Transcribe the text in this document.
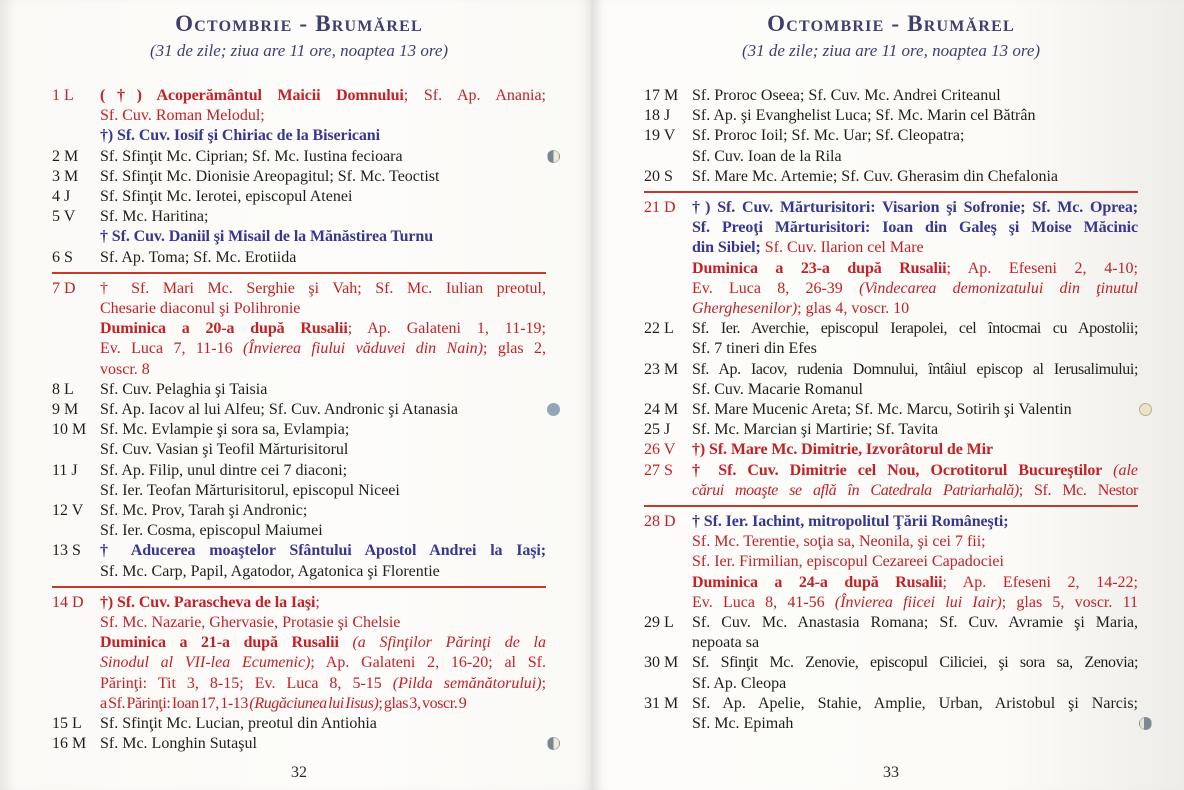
Octombrie - Brumărel
(31 de zile; ziua are 11 ore, noaptea 13 ore)
1 L	(†) Acoperământul Maicii Domnului; Sf. Ap. Anania;
Sf. Cuv. Roman Melodul;
†) Sf. Cuv. Iosif şi Chiriac de la Bisericani
2 M	Sf. Sfinţit Mc. Ciprian; Sf. Mc. Iustina fecioara
3 M	Sf. Sfinţit Mc. Dionisie Areopagitul; Sf. Mc. Teoctist
4 J	Sf. Sfinţit Mc. Ierotei, episcopul Atenei
5 V	Sf. Mc. Haritina;
† Sf. Cuv. Daniil şi Misail de la Mănăstirea Turnu
6 S	Sf. Ap. Toma; Sf. Mc. Erotiida
7 D	† Sf. Mari Mc. Serghie şi Vah; Sf. Mc. Iulian preotul,
Chesarie diaconul şi Polihronie
Duminica a 20-a după Rusalii; Ap. Galateni 1, 11-19;
Ev. Luca 7, 11-16 (Învierea fiului văduvei din Nain); glas 2,
voscr. 8
8 L	Sf. Cuv. Pelaghia şi Taisia
9 M	Sf. Ap. Iacov al lui Alfeu; Sf. Cuv. Andronic şi Atanasia
10 M Sf. Mc. Evlampie şi sora sa, Evlampia;
Sf. Cuv. Vasian şi Teofil Mărturisitorul
11 J	Sf. Ap. Filip, unul dintre cei 7 diaconi;
Sf. Ier. Teofan Mărturisitorul, episcopul Niceei
12 V	Sf. Mc. Prov, Tarah şi Andronic;
Sf. Ier. Cosma, episcopul Maiumei
13 S	† Aducerea moaştelor Sfântului Apostol Andrei la Iaşi;
Sf. Mc. Carp, Papil, Agatodor, Agatonica şi Florentie
14 D	†) Sf. Cuv. Parascheva de la Iaşi;
Sf. Mc. Nazarie, Ghervasie, Protasie şi Chelsie
Duminica a 21-a după Rusalii (a Sfinţilor Părinţi de la
Sinodul al VII-lea Ecumenic); Ap. Galateni 2, 16-20; al Sf.
Părinţi: Tit 3, 8-15; Ev. Luca 8, 5-15 (Pilda semănătorului);
a Sf. Părinţi: Ioan 17, 1-13 (Rugăciunea lui Iisus); glas 3, voscr. 9
15 L	Sf. Sfinţit Mc. Lucian, preotul din Antiohia
16 M Sf. Mc. Longhin Sutaşul
32
Octombrie - Brumărel
(31 de zile; ziua are 11 ore, noaptea 13 ore)
17 M Sf. Proroc Oseea; Sf. Cuv. Mc. Andrei Criteanul
18 J	Sf. Ap. şi Evanghelist Luca; Sf. Mc. Marin cel Bătrân
19 V	Sf. Proroc Ioil; Sf. Mc. Uar; Sf. Cleopatra;
Sf. Cuv. Ioan de la Rila
20 S	Sf. Mare Mc. Artemie; Sf. Cuv. Gherasim din Chefalonia
21 D	†) Sf. Cuv. Mărturisitori: Visarion şi Sofronie; Sf. Mc. Oprea;
Sf. Preoţi Mărturisitori: Ioan din Galeş şi Moise Măcinic
din Sibiel; Sf. Cuv. Ilarion cel Mare
Duminica a 23-a după Rusalii; Ap. Efeseni 2, 4-10;
Ev. Luca 8, 26-39 (Vindecarea demonizatului din ţinutul
Gherghesenilor); glas 4, voscr. 10
22 L	Sf. Ier. Averchie, episcopul Ierapolei, cel întocmai cu Apostolii;
Sf. 7 tineri din Efes
23 M Sf. Ap. Iacov, rudenia Domnului, întâiul episcop al Ierusalimului;
Sf. Cuv. Macarie Romanul
24 M Sf. Mare Mucenic Areta; Sf. Mc. Marcu, Sotirih şi Valentin
25 J	Sf. Mc. Marcian şi Martirie; Sf. Tavita
26 V	†) Sf. Mare Mc. Dimitrie, Izvorâtorul de Mir
27 S	† Sf. Cuv. Dimitrie cel Nou, Ocrotitorul Bucureştilor (ale
cărui moaşte se află în Catedrala Patriarhală); Sf. Mc. Nestor
28 D	† Sf. Ier. Iachint, mitropolitul Ţării Româneşti;
Sf. Mc. Terentie, soţia sa, Neonila, şi cei 7 fii;
Sf. Ier. Firmilian, episcopul Cezareei Capadociei
Duminica a 24-a după Rusalii; Ap. Efeseni 2, 14-22;
Ev. Luca 8, 41-56 (Învierea fiicei lui Iair); glas 5, voscr. 11
29 L	Sf. Cuv. Mc. Anastasia Romana; Sf. Cuv. Avramie şi Maria,
nepoata sa
30 M Sf. Sfinţit Mc. Zenovie, episcopul Ciliciei, şi sora sa, Zenovia;
Sf. Ap. Cleopa
31 M Sf. Ap. Apelie, Stahie, Amplie, Urban, Aristobul şi Narcis;
Sf. Mc. Epimah
33
